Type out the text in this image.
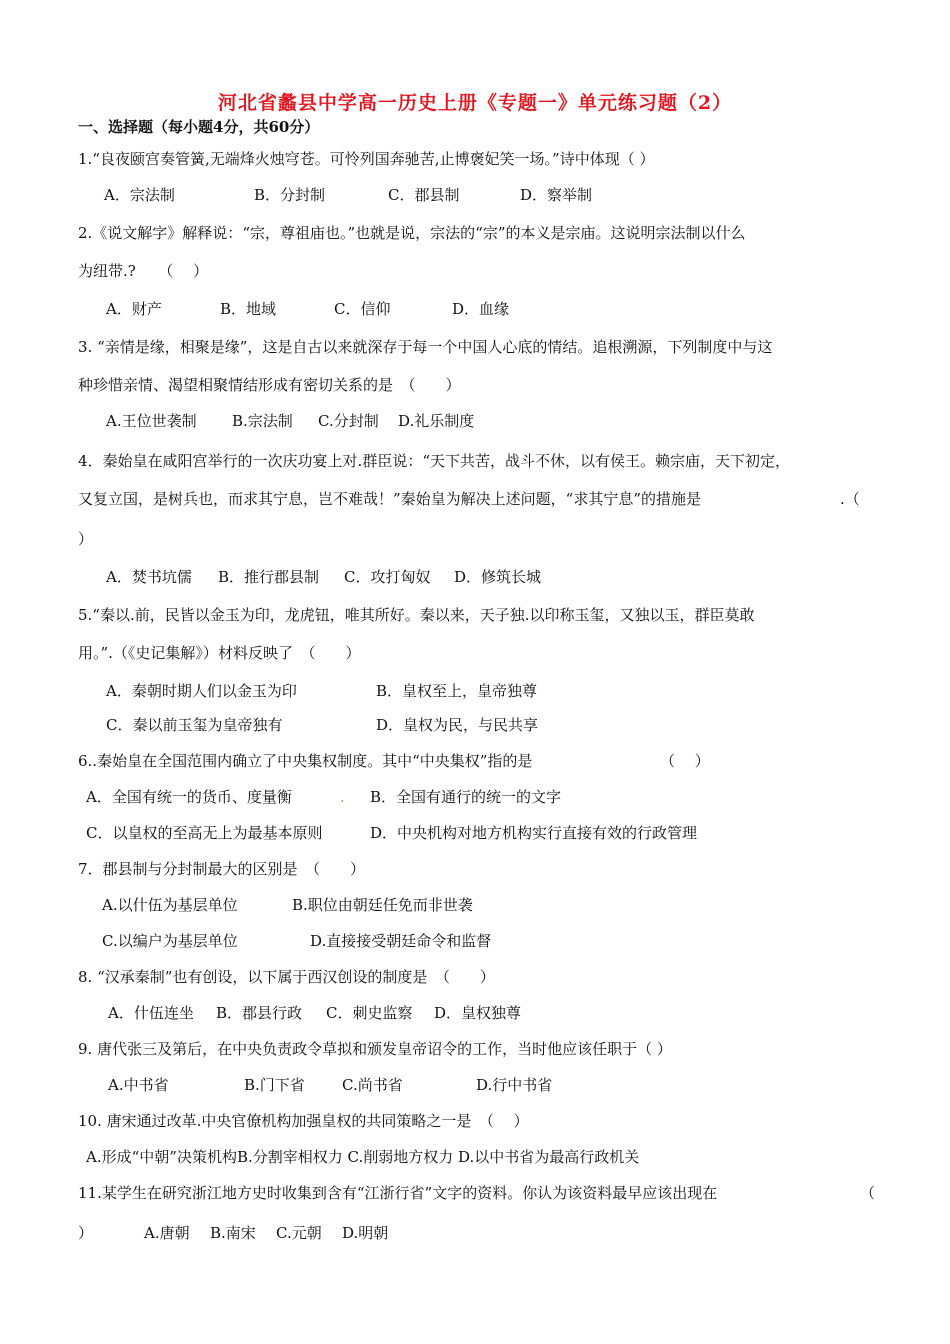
河北省蠡县中学高一历史上册《专题一》单元练习题（2）
一、选择题（每小题4分，共60分）
1.“良夜颐宫奏管簧,无端烽火烛穹苍。可怜列国奔驰苦,止博褒妃笑一场。”诗中体现（ ）
A．宗法制	B．分封制	C．郡县制	D．察举制
2.《说文解字》解释说：“宗，尊祖庙也。”也就是说，宗法的“宗”的本义是宗庙。这说明宗法制以什么
为纽带.?　　（　 ）
A．财产	B．地域	C．信仰	D．血缘
3. “亲情是缘，相聚是缘”，这是自古以来就深存于每一个中国人心底的情结。追根溯源，下列制度中与这
种珍惜亲情、渴望相聚情结形成有密切关系的是　（　　）
A.王位世袭制 B.宗法制 C.分封制 D.礼乐制度
4．秦始皇在咸阳宫举行的一次庆功宴上对.群臣说：“天下共苦，战斗不休，以有侯王。赖宗庙，天下初定，
又复立国，是树兵也，而求其宁息，岂不难哉！”秦始皇为解决上述问题，“求其宁息”的措施是	.（
）
A．焚书坑儒 B．推行郡县制 C．攻打匈奴 D．修筑长城
5.“秦以.前，民皆以金玉为印，龙虎钮，唯其所好。秦以来，天子独.以印称玉玺，又独以玉，群臣莫敢
用。”.（《史记集解》）材料反映了　（　　）
A．秦朝时期人们以金玉为印	B．皇权至上，皇帝独尊
C．秦以前玉玺为皇帝独有	D．皇权为民，与民共享
6..秦始皇在全国范围内确立了中央集权制度。其中“中央集权”指的是	（　 ）
A．全国有统一的货币、度量衡	. B．全国有通行的统一的文字
C．以皇权的至高无上为最基本原则	D．中央机构对地方机构实行直接有效的行政管理
7．郡县制与分封制最大的区别是　（　　）
A.以什伍为基层单位	B.职位由朝廷任免而非世袭
C.以编户为基层单位	D.直接接受朝廷命令和监督
8. “汉承秦制”也有创设，以下属于西汉创设的制度是　（　　）
A．什伍连坐 B．郡县行政 C．刺史监察 D．皇权独尊
9. 唐代张三及第后，在中央负责政令草拟和颁发皇帝诏令的工作，当时他应该任职于（ ）
A.中书省	B.门下省 C.尚书省	D.行中书省
10. 唐宋通过改革.中央官僚机构加强皇权的共同策略之一是　（　 ）
A.形成“中朝”决策机构B.分割宰相权力 C.削弱地方权力 D.以中书省为最高行政机关
11.某学生在研究浙江地方史时收集到含有“江浙行省”文字的资料。你认为该资料最早应该出现在	（
）	A.唐朝 B.南宋 C.元朝 D.明朝
